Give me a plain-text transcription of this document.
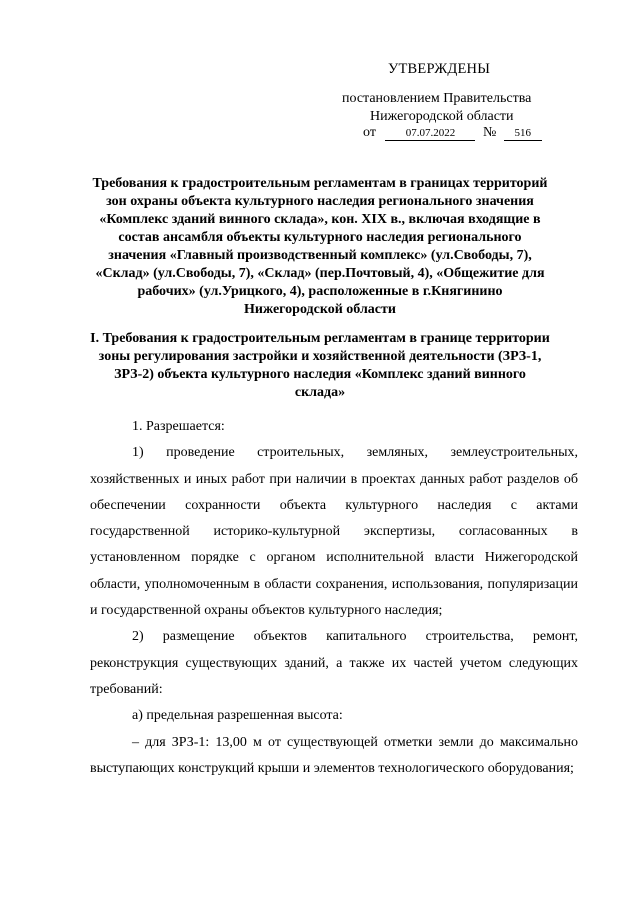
УТВЕРЖДЕНЫ
постановлением Правительства
Нижегородской области
от	07.07.2022 № 516
Требования к градостроительным регламентам в границах территорий зон охраны объекта культурного наследия регионального значения «Комплекс зданий винного склада», кон. XIX в., включая входящие в состав ансамбля объекты культурного наследия регионального значения «Главный производственный комплекс» (ул.Свободы, 7), «Склад» (ул.Свободы, 7), «Склад» (пер.Почтовый, 4), «Общежитие для рабочих» (ул.Урицкого, 4), расположенные в г.Княгинино Нижегородской области
I. Требования к градостроительным регламентам в границе территории зоны регулирования застройки и хозяйственной деятельности (ЗРЗ-1, ЗРЗ-2) объекта культурного наследия «Комплекс зданий винного склада»

1. Разрешается:

1) проведение строительных, земляных, землеустроительных, хозяйственных и иных работ при наличии в проектах данных работ разделов об обеспечении сохранности объекта культурного наследия с актами государственной историко-культурной экспертизы, согласованных в установленном порядке с органом исполнительной власти Нижегородской области, уполномоченным в области сохранения, использования, популяризации и государственной охраны объектов культурного наследия;

2) размещение объектов капитального строительства, ремонт, реконструкция существующих зданий, а также их частей учетом следующих требований:

а) предельная разрешенная высота:

– для ЗРЗ-1: 13,00 м от существующей отметки земли до максимально выступающих конструкций крыши и элементов технологического оборудования;
